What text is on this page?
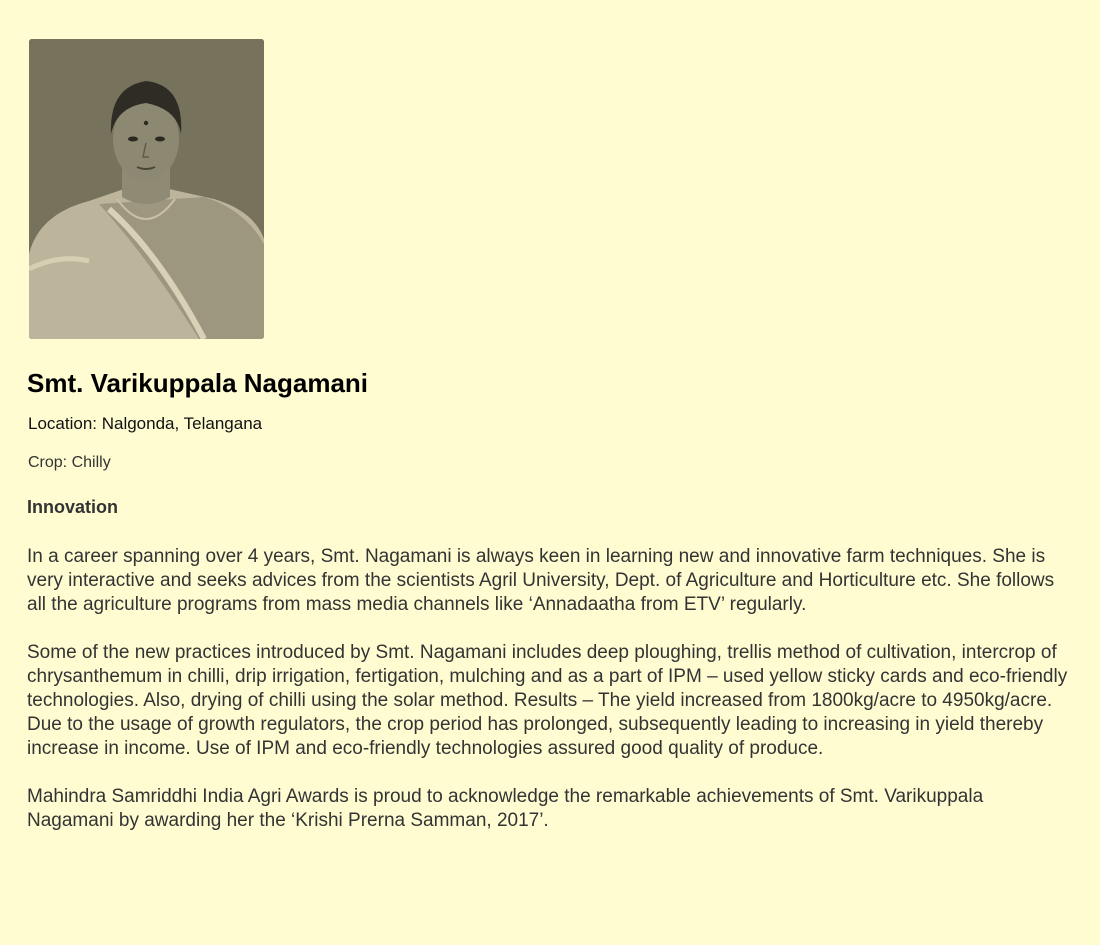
Smt. Varikuppala Nagamani
Location: Nalgonda, Telangana
Crop: Chilly
Innovation

In a career spanning over 4 years, Smt. Nagamani is always keen in learning new and innovative farm techniques. She is very interactive and seeks advices from the scientists Agril University, Dept. of Agriculture and Horticulture etc. She follows all the agriculture programs from mass media channels like ‘Annadaatha from ETV’ regularly.

Some of the new practices introduced by Smt. Nagamani includes deep ploughing, trellis method of cultivation, intercrop of chrysanthemum in chilli, drip irrigation, fertigation, mulching and as a part of IPM – used yellow sticky cards and eco-friendly technologies. Also, drying of chilli using the solar method. Results – The yield increased from 1800kg/acre to 4950kg/acre. Due to the usage of growth regulators, the crop period has prolonged, subsequently leading to increasing in yield thereby increase in income. Use of IPM and eco-friendly technologies assured good quality of produce.

Mahindra Samriddhi India Agri Awards is proud to acknowledge the remarkable achievements of Smt. Varikuppala Nagamani by awarding her the ‘Krishi Prerna Samman, 2017’.
